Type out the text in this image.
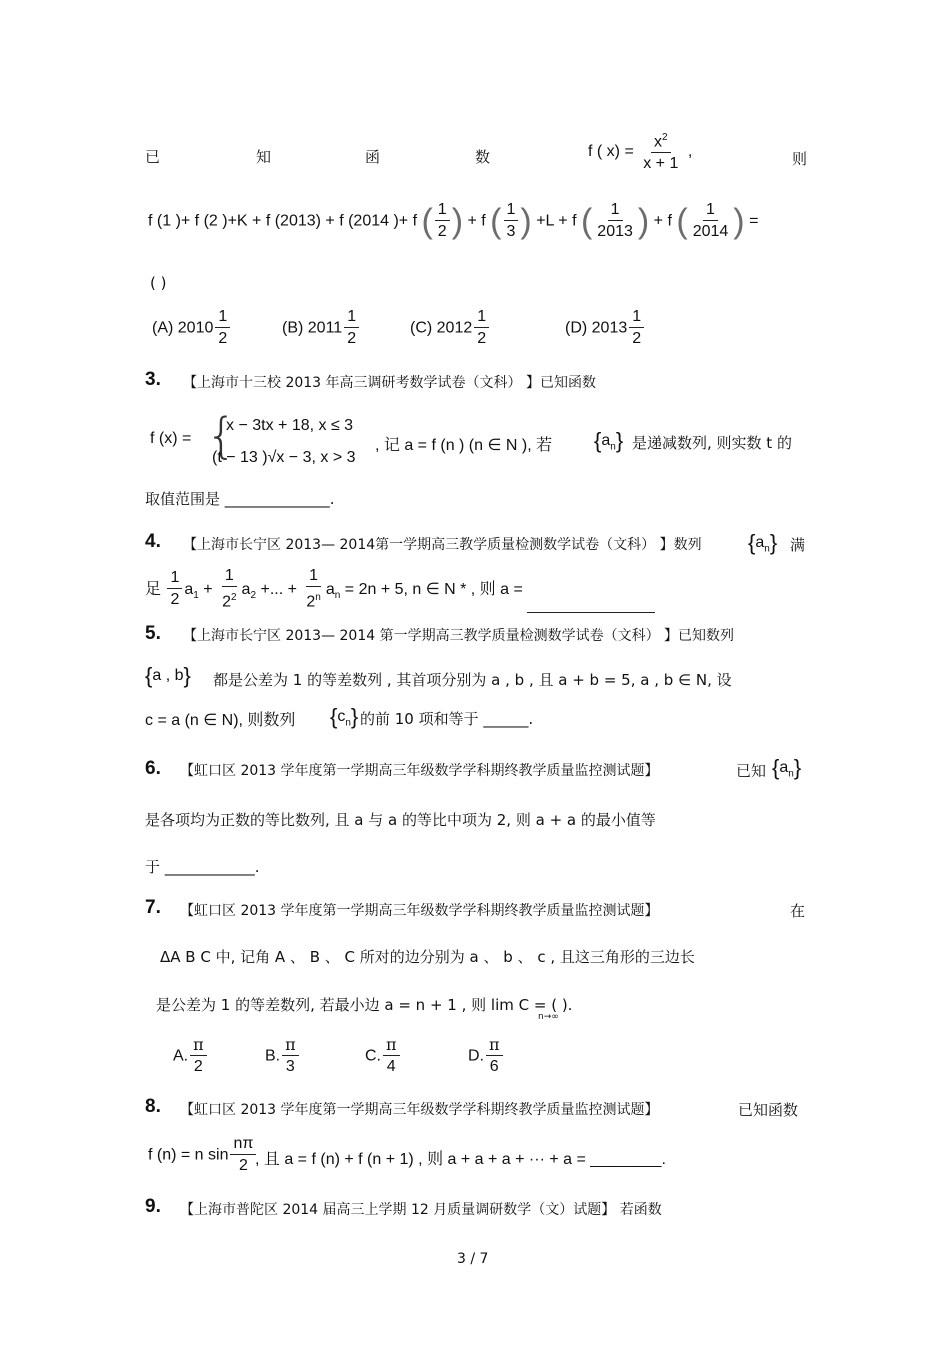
已	知	函	数	f ( $x) = \frac{x^2}{x + 1}$ ,	则
f (1 )+ f (2 )+K + f (2013) + f (2014 )+ f ( $\frac{1}{2}$ ) + f ( $\frac{1}{3}$ ) +L + f ( $\frac{1}{2013}$ ) + f ( $\frac{1}{2014}$ ) =
( )
(A) $2010 \frac{1}{2}$	(B) $2011 \frac{1}{2}$	(C) $2012 \frac{1}{2}$	(D) $2013 \frac{1}{2}$
3. 【上海市十三校 2013 年高三调研考数学试卷（文科） 】已知函数
f (x) = {
x − 3tx + 18, x ≤ 3
(t − 13 )√x − 3, x > 3
, 记 a = f (n ) (n ∈ N ), 若 $\{a_n\}$ 是递减数列, 则实数 t 的
取值范围是 ______________.
4. 【上海市长宁区 2013— 2014第一学期高三教学质量检测数学试卷（文科） 】数列 $\{a_n\}$ 满
足 $\frac{1}{2} a_1 + \frac{1}{2^2} a_2$ +... + $\frac{1}{2^n} a_n = 2n + 5$, n ∈ N * , 则 a =
5. 【上海市长宁区 2013— 2014 第一学期高三教学质量检测数学试卷（文科） 】已知数列
{a , b} 都是公差为 1 的等差数列 , 其首项分别为 a , b , 且 a + b = 5, a , b ∈ N, 设
c = a (n ∈ N), 则数列 $\{c_n\}$ 的前 10 项和等于 ______.
6. 【虹口区 2013 学年度第一学期高三年级数学学科期终教学质量监控测试题】	已知 $\{a_n\}$
是各项均为正数的等比数列, 且 a 与 a 的等比中项为 2, 则 a + a 的最小值等
于 ____________.
7. 【虹口区 2013 学年度第一学期高三年级数学学科期终教学质量监控测试题】	在
ΔA B C 中, 记角 A 、 B 、 C 所对的边分别为 a 、 b 、 c , 且这三角形的三边长
是公差为 1 的等差数列, 若最小边 a = n + 1 , 则 lim C = ( ).
n→∞
A. $\frac{\pi}{2}$	B. $\frac{\pi}{3}$	C. $\frac{\pi}{4}$	D. $\frac{\pi}{6}$
8. 【虹口区 2013 学年度第一学期高三年级数学学科期终教学质量监控测试题】	已知函数
f (n) = n $\sin \frac{n\pi}{2}$
, 且 a = f (n) + f (n + 1) , 则 a + a + a + ··· + a = ________.
9. 【上海市普陀区 2014 届高三上学期 12 月质量调研数学（文）试题】 若函数
3 / 7
